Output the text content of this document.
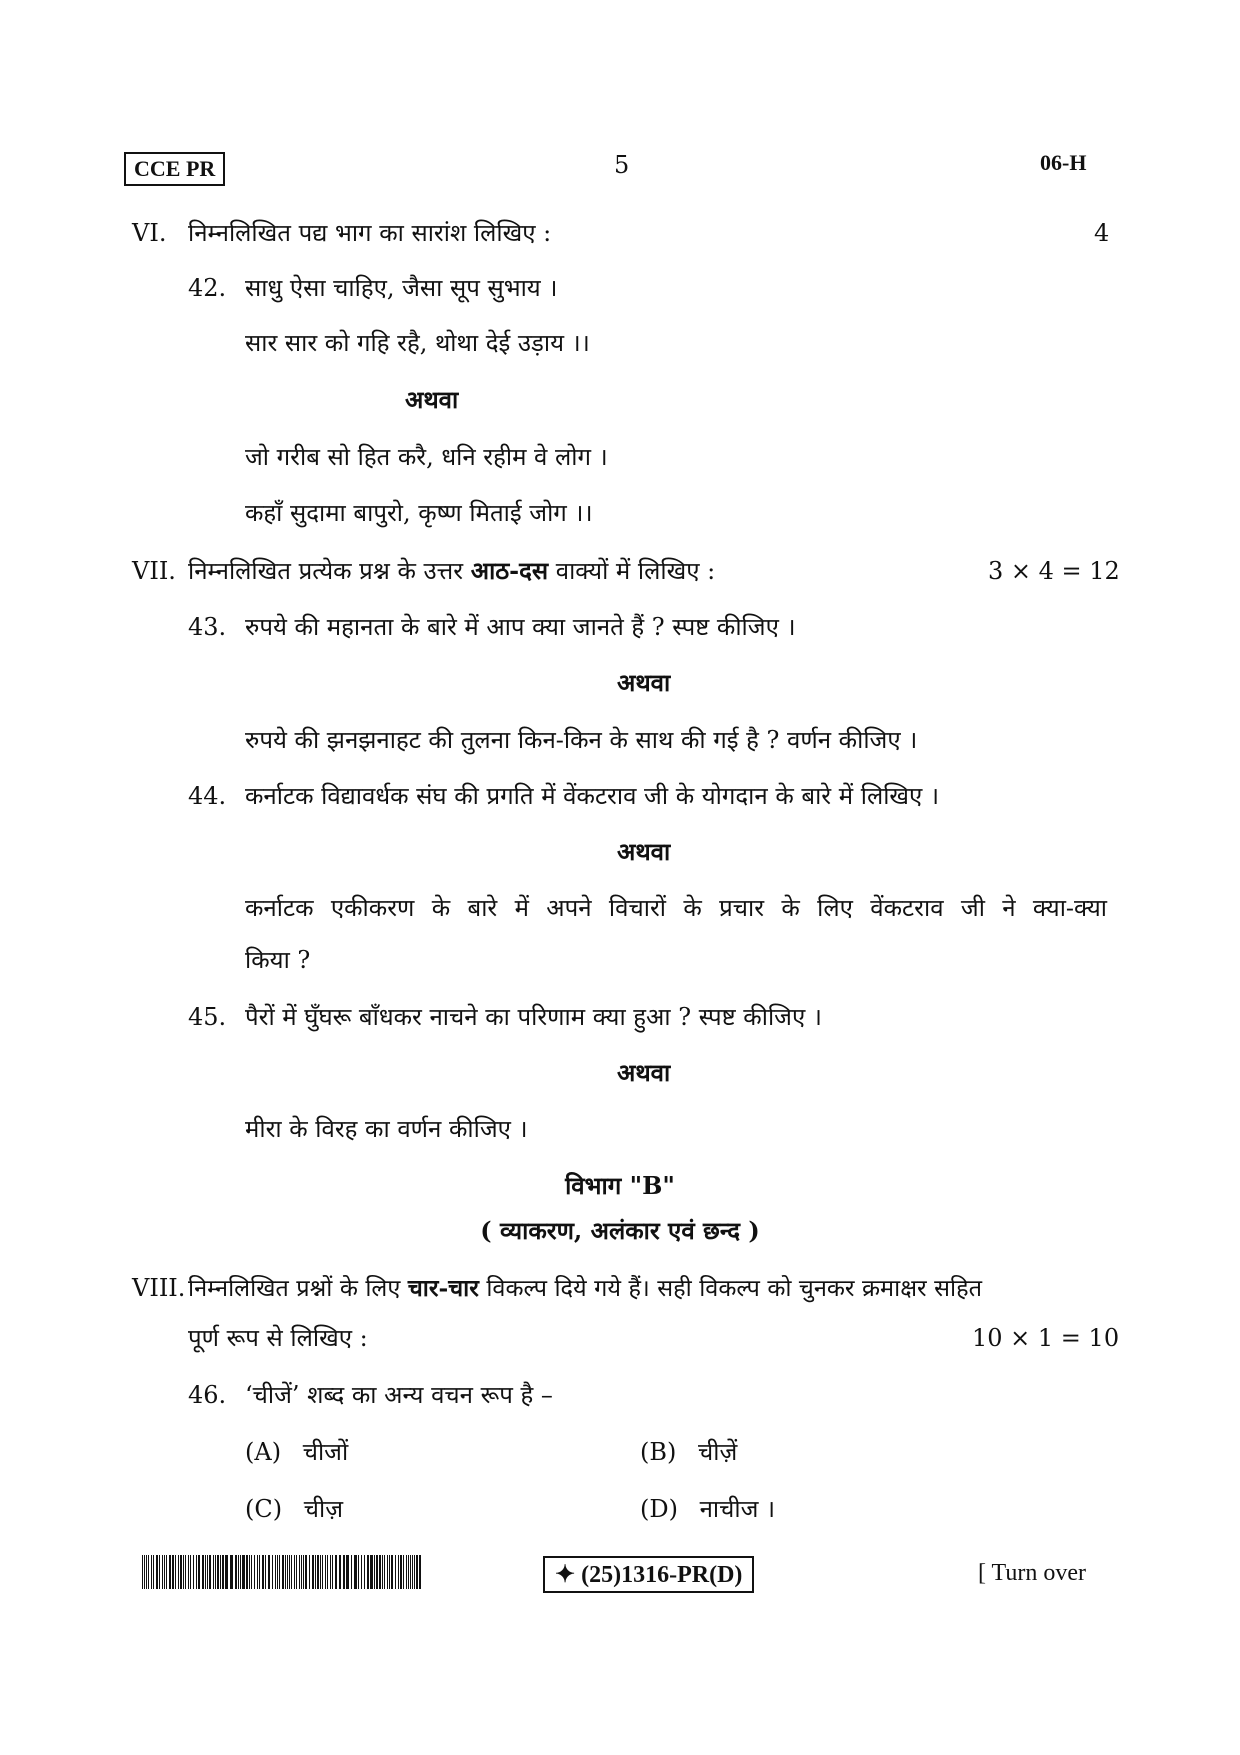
CCE PR	5	06-H
VI. निम्नलिखित पद्य भाग का सारांश लिखिए :	4
42. साधु ऐसा चाहिए, जैसा सूप सुभाय ।
सार सार को गहि रहै, थोथा देई उड़ाय ।।
अथवा
जो गरीब सो हित करै, धनि रहीम वे लोग ।
कहाँ सुदामा बापुरो, कृष्ण मिताई जोग ।।
VII. निम्नलिखित प्रत्येक प्रश्न के उत्तर आठ-दस वाक्यों में लिखिए :	3 × 4 = 12
43. रुपये की महानता के बारे में आप क्या जानते हैं ? स्पष्ट कीजिए ।
अथवा
रुपये की झनझनाहट की तुलना किन-किन के साथ की गई है ? वर्णन कीजिए ।
44. कर्नाटक विद्यावर्धक संघ की प्रगति में वेंकटराव जी के योगदान के बारे में लिखिए ।
अथवा
कर्नाटक एकीकरण के बारे में अपने विचारों के प्रचार के लिए वेंकटराव जी ने क्या-क्या
किया ?
45. पैरों में घुँघरू बाँधकर नाचने का परिणाम क्या हुआ ? स्पष्ट कीजिए ।
अथवा
मीरा के विरह का वर्णन कीजिए ।
विभाग "B"
( व्याकरण, अलंकार एवं छन्द )
VIII. निम्नलिखित प्रश्नों के लिए चार-चार विकल्प दिये गये हैं। सही विकल्प को चुनकर क्रमाक्षर सहित
पूर्ण रूप से लिखिए :	10 × 1 = 10
46. ‘चीजें’ शब्द का अन्य वचन रूप है –
(A) चीजों	(B) चीज़ें
(C) चीज़	(D) नाचीज ।
✦ (25)1316-PR(D)	[ Turn over
